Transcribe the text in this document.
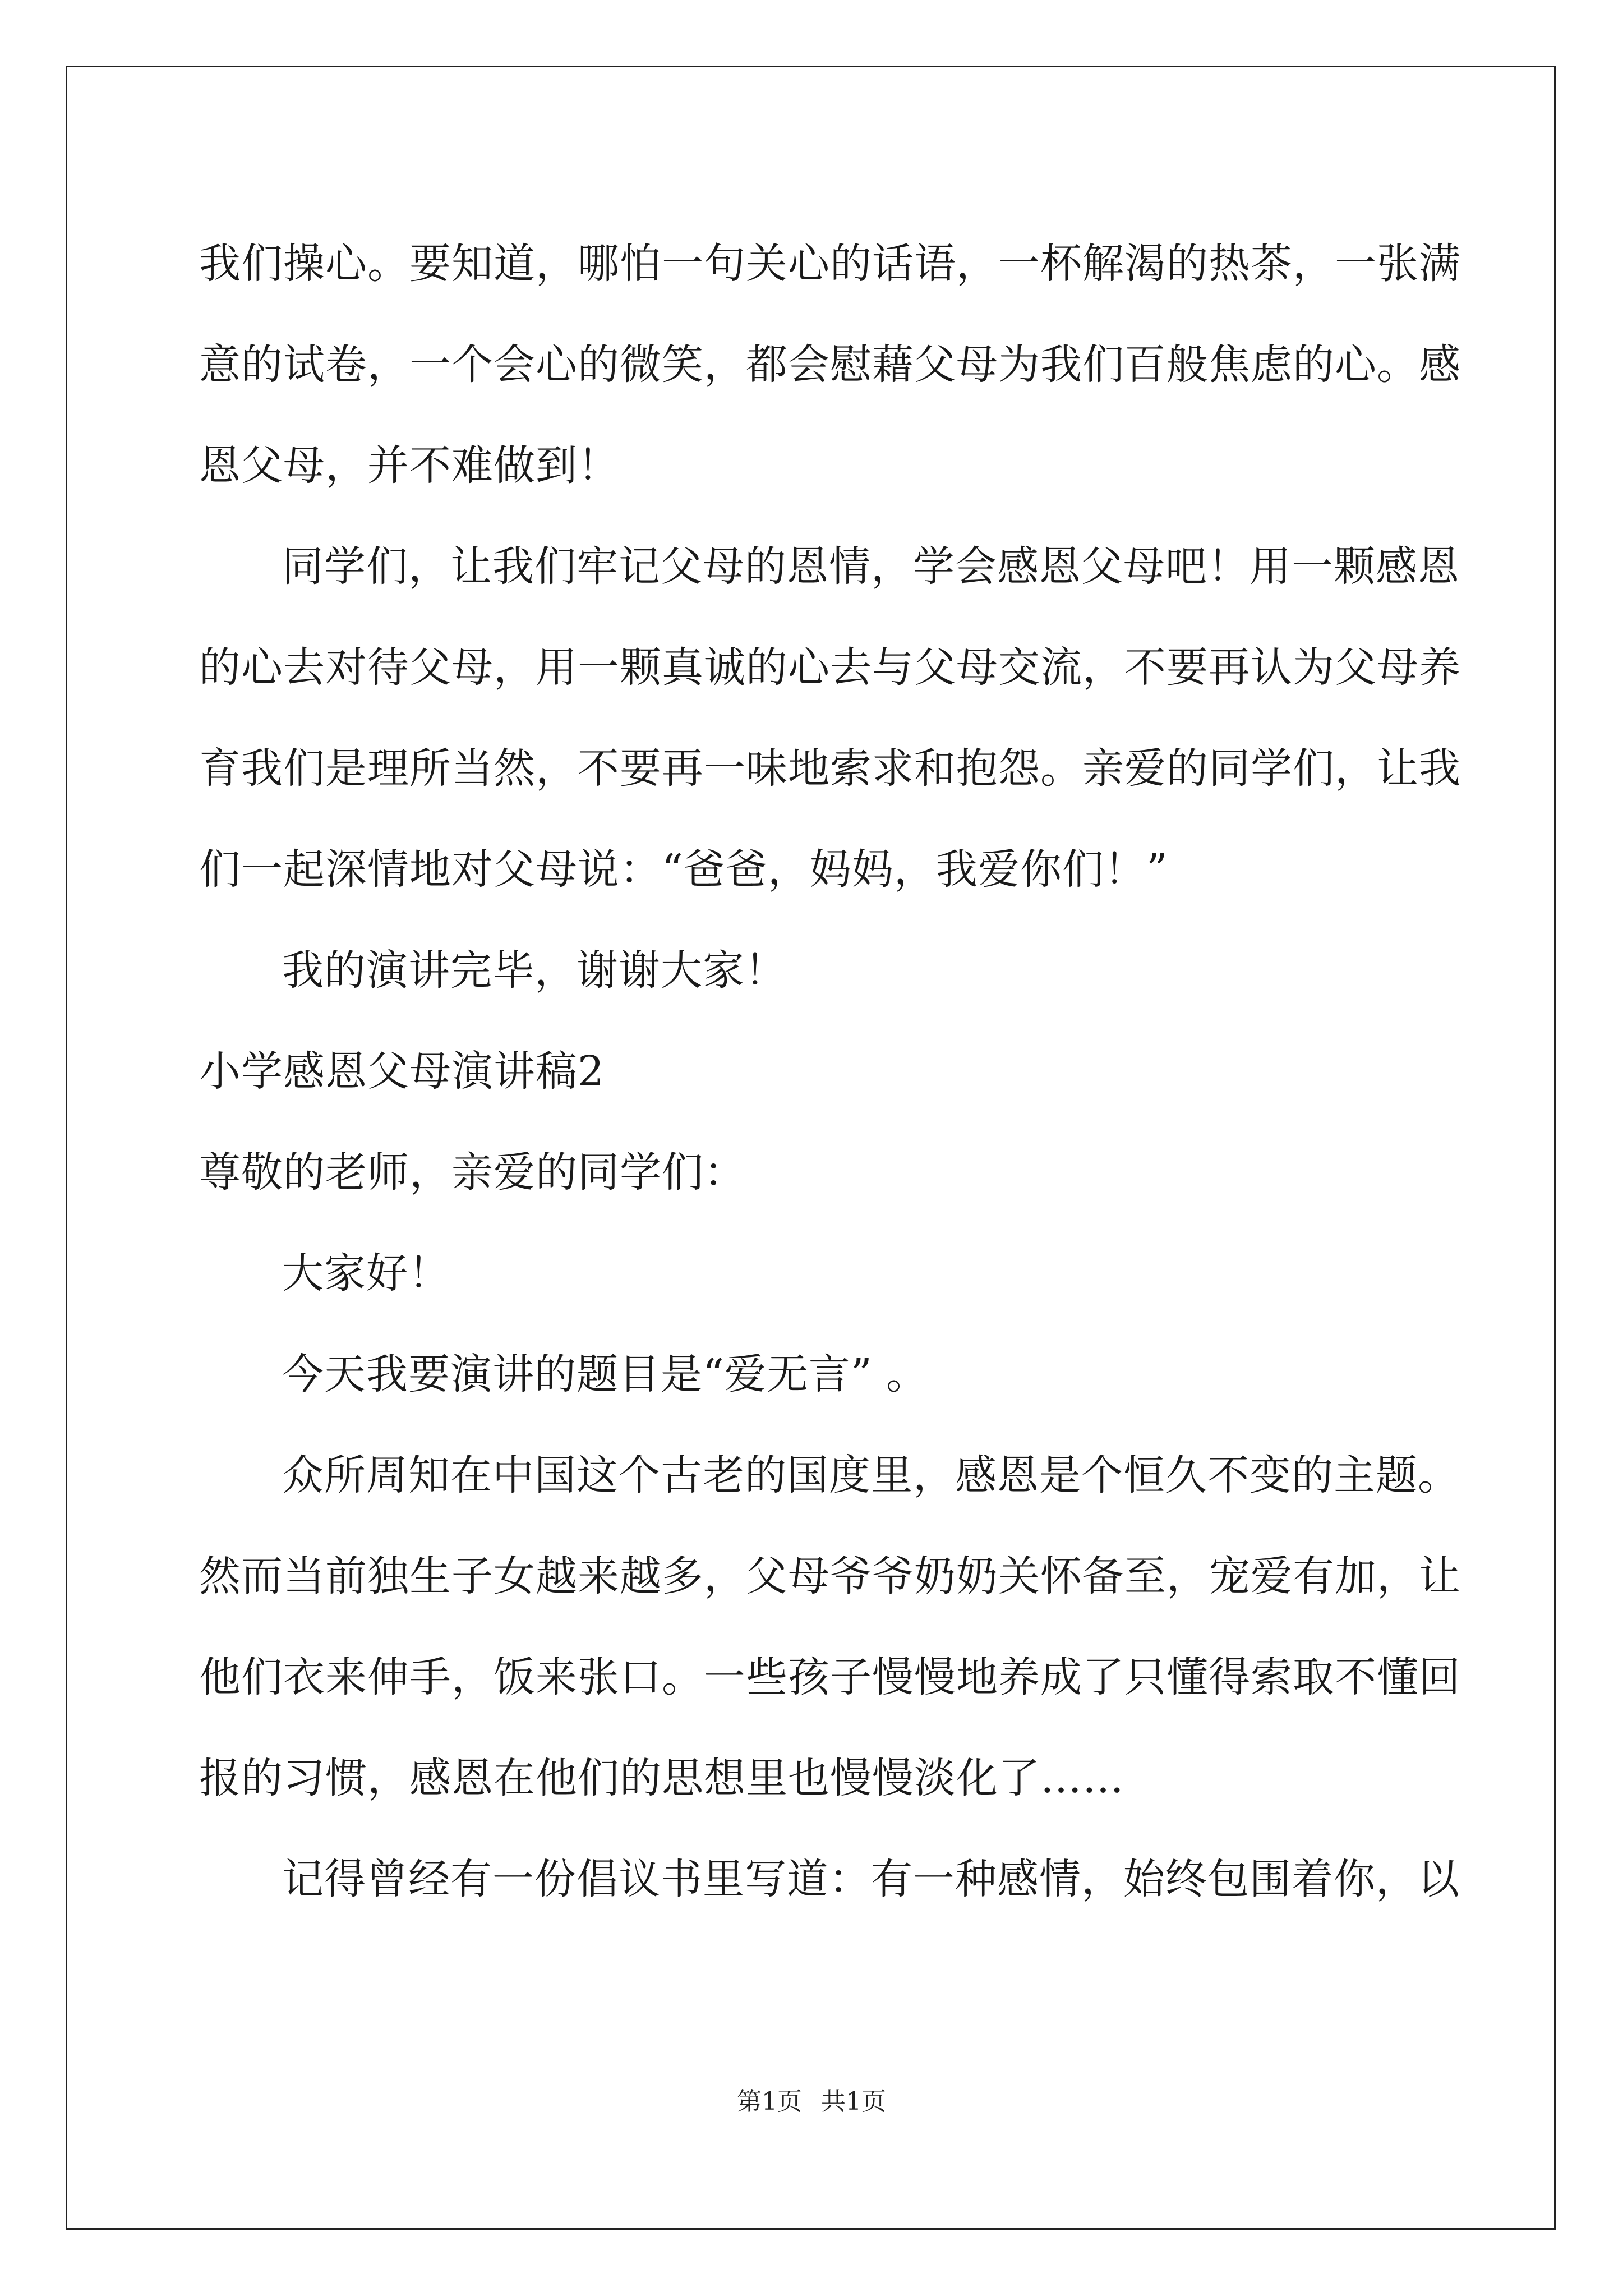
我们操心。要知道，哪怕一句关心的话语，一杯解渴的热茶，一张满
意的试卷，一个会心的微笑，都会慰藉父母为我们百般焦虑的心。感
恩父母，并不难做到！
同学们，让我们牢记父母的恩情，学会感恩父母吧！用一颗感恩
的心去对待父母，用一颗真诚的心去与父母交流，不要再认为父母养
育我们是理所当然，不要再一味地索求和抱怨。亲爱的同学们，让我
们一起深情地对父母说：“爸爸，妈妈，我爱你们！”
我的演讲完毕，谢谢大家！
小学感恩父母演讲稿2
尊敬的老师，亲爱的同学们：
大家好！
今天我要演讲的题目是“爱无言” 。
众所周知在中国这个古老的国度里，感恩是个恒久不变的主题。
然而当前独生子女越来越多，父母爷爷奶奶关怀备至，宠爱有加，让
他们衣来伸手，饭来张口。一些孩子慢慢地养成了只懂得索取不懂回
报的习惯，感恩在他们的思想里也慢慢淡化了……
记得曾经有一份倡议书里写道：有一种感情，始终包围着你，以
第1页 共1页
